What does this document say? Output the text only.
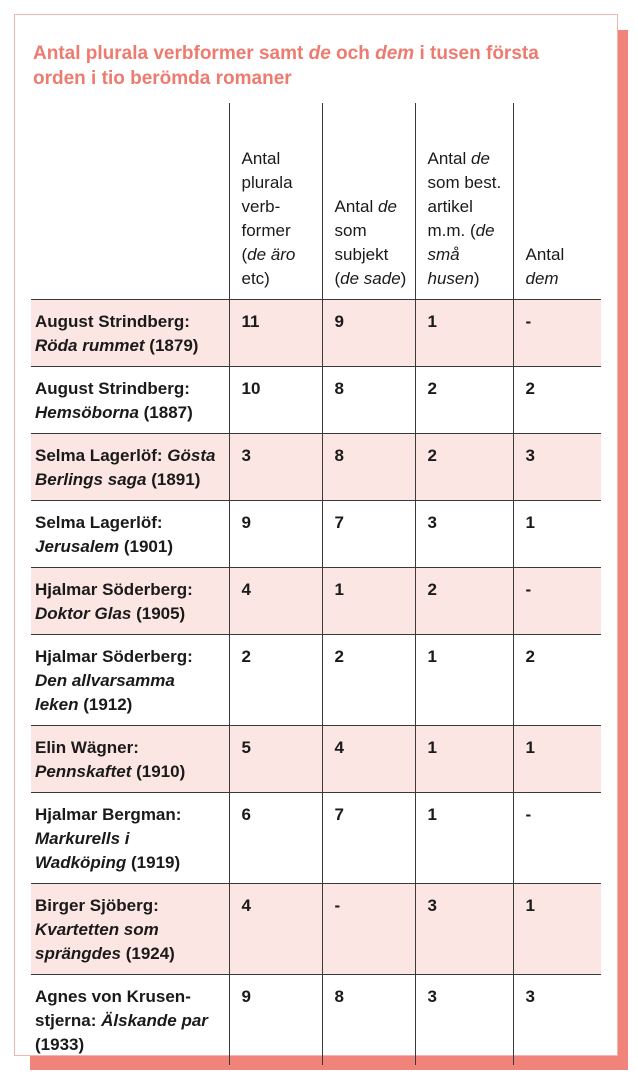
Antal plurala verbformer samt de och dem i tusen första orden i tio berömda romaner
	Antal plurala verb-former (de äro etc)	Antal de som subjekt (de sade)	Antal de som best. artikel m.m. (de små husen)	Antal dem
August Strindberg: Röda rummet (1879)	11	9	1	-
August Strindberg: Hemsöborna (1887)	10	8	2	2
Selma Lagerlöf: Gösta Berlings saga (1891)	3	8	2	3
Selma Lagerlöf: Jerusalem (1901)	9	7	3	1
Hjalmar Söderberg: Doktor Glas (1905)	4	1	2	-
Hjalmar Söderberg: Den allvarsamma leken (1912)	2	2	1	2
Elin Wägner: Pennskaftet (1910)	5	4	1	1
Hjalmar Bergman: Markurells i Wadköping (1919)	6	7	1	-
Birger Sjöberg: Kvartetten som sprängdes (1924)	4	-	3	1
Agnes von Krusen-stjerna: Älskande par (1933)	9	8	3	3
